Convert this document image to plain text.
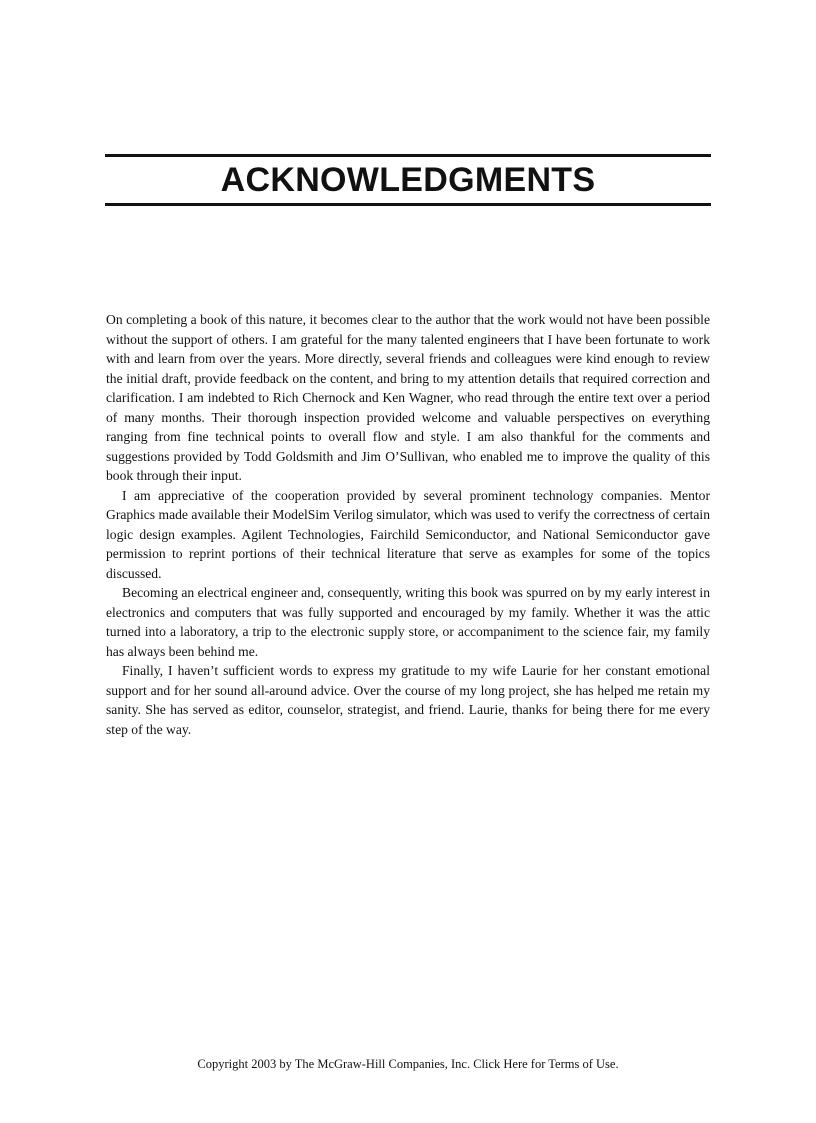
ACKNOWLEDGMENTS

On completing a book of this nature, it becomes clear to the author that the work would not have been possible without the support of others. I am grateful for the many talented engineers that I have been fortunate to work with and learn from over the years. More directly, several friends and colleagues were kind enough to review the initial draft, provide feedback on the content, and bring to my attention details that required correction and clarification. I am indebted to Rich Chernock and Ken Wagner, who read through the entire text over a period of many months. Their thorough inspection provided welcome and valuable perspectives on everything ranging from fine technical points to overall flow and style. I am also thankful for the comments and suggestions provided by Todd Goldsmith and Jim O’Sullivan, who enabled me to improve the quality of this book through their input.

I am appreciative of the cooperation provided by several prominent technology companies. Mentor Graphics made available their ModelSim Verilog simulator, which was used to verify the correctness of certain logic design examples. Agilent Technologies, Fairchild Semiconductor, and National Semiconductor gave permission to reprint portions of their technical literature that serve as examples for some of the topics discussed.

Becoming an electrical engineer and, consequently, writing this book was spurred on by my early interest in electronics and computers that was fully supported and encouraged by my family. Whether it was the attic turned into a laboratory, a trip to the electronic supply store, or accompaniment to the science fair, my family has always been behind me.

Finally, I haven’t sufficient words to express my gratitude to my wife Laurie for her constant emotional support and for her sound all-around advice. Over the course of my long project, she has helped me retain my sanity. She has served as editor, counselor, strategist, and friend. Laurie, thanks for being there for me every step of the way.

Copyright 2003 by The McGraw-Hill Companies, Inc. Click Here for Terms of Use.
